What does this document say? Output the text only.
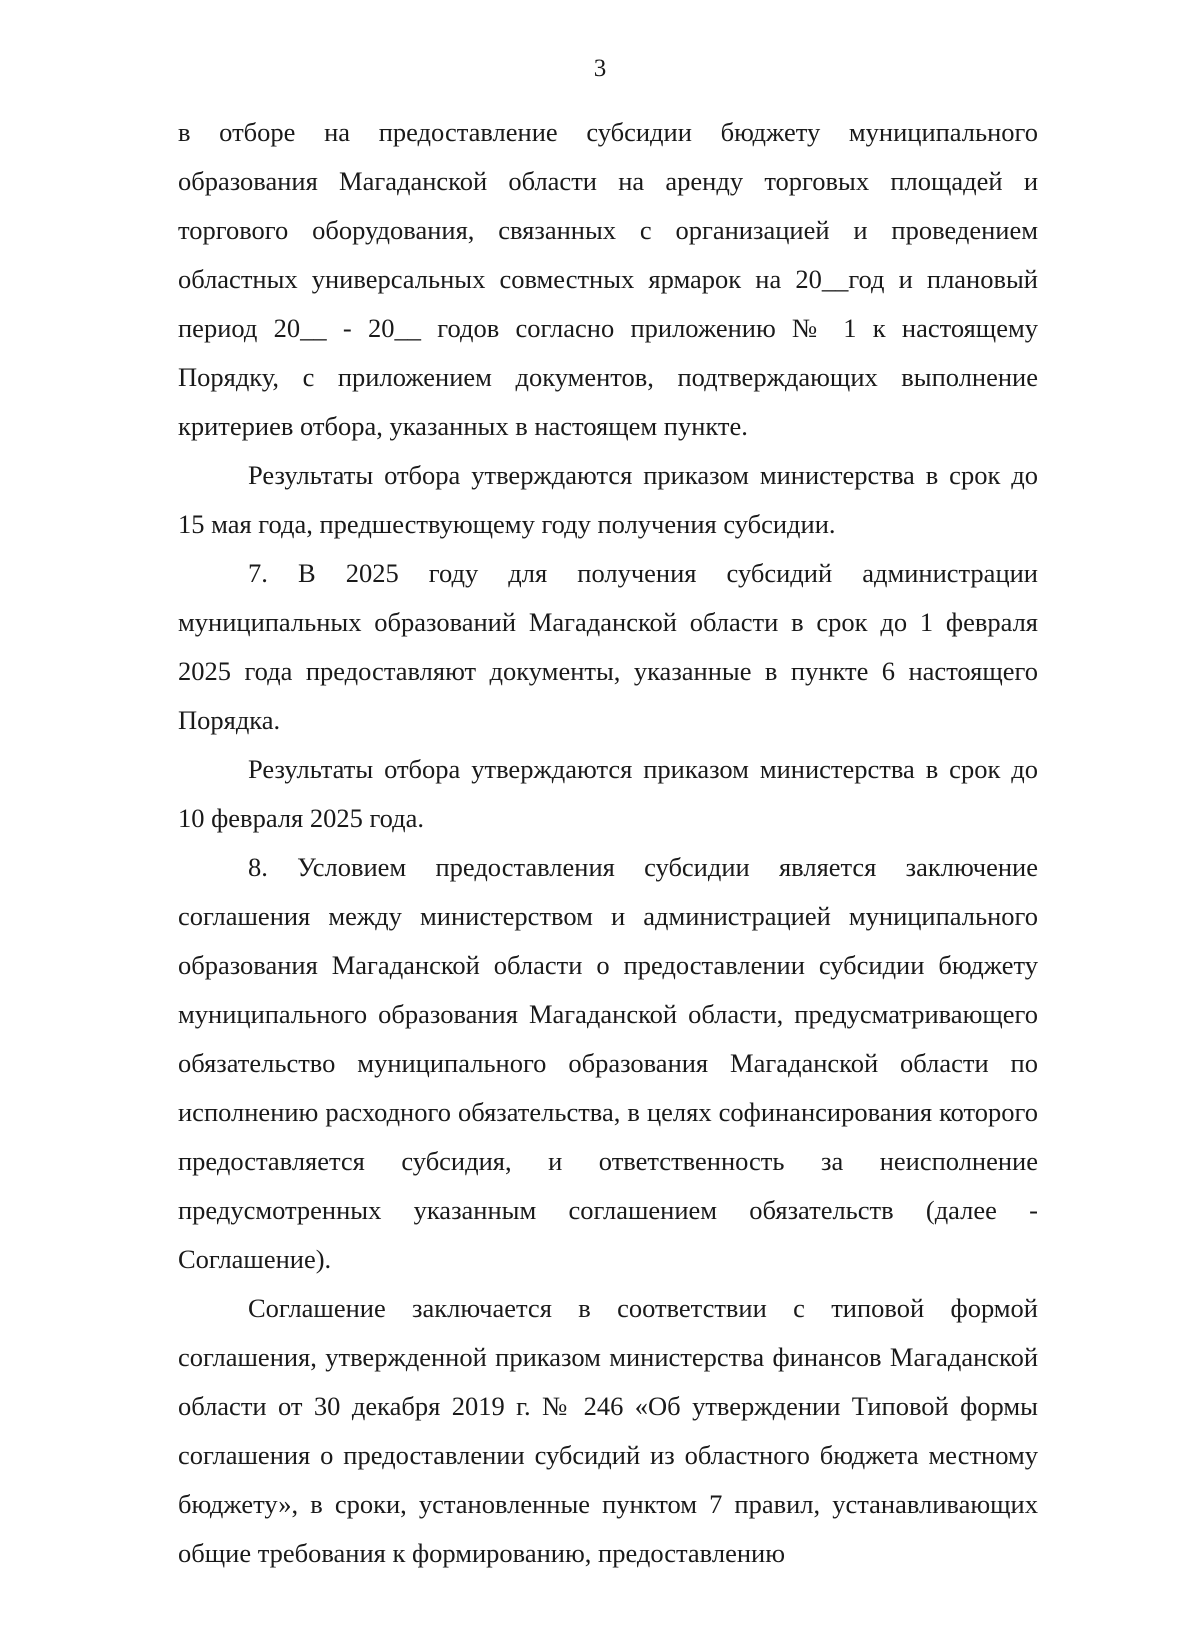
3

в отборе на предоставление субсидии бюджету муниципального образования Магаданской области на аренду торговых площадей и торгового оборудования, связанных с организацией и проведением областных универсальных совместных ярмарок на 20__год и плановый период 20__ - 20__ годов согласно приложению № 1 к настоящему Порядку, с приложением документов, подтверждающих выполнение критериев отбора, указанных в настоящем пункте.

Результаты отбора утверждаются приказом министерства в срок до 15 мая года, предшествующему году получения субсидии.

7. В 2025 году для получения субсидий администрации муниципальных образований Магаданской области в срок до 1 февраля 2025 года предоставляют документы, указанные в пункте 6 настоящего Порядка.

Результаты отбора утверждаются приказом министерства в срок до 10 февраля 2025 года.

8. Условием предоставления субсидии является заключение соглашения между министерством и администрацией муниципального образования Магаданской области о предоставлении субсидии бюджету муниципального образования Магаданской области, предусматривающего обязательство муниципального образования Магаданской области по исполнению расходного обязательства, в целях софинансирования которого предоставляется субсидия, и ответственность за неисполнение предусмотренных указанным соглашением обязательств (далее - Соглашение).

Соглашение заключается в соответствии с типовой формой соглашения, утвержденной приказом министерства финансов Магаданской области от 30 декабря 2019 г. № 246 «Об утверждении Типовой формы соглашения о предоставлении субсидий из областного бюджета местному бюджету», в сроки, установленные пунктом 7 правил, устанавливающих общие требования к формированию, предоставлению
